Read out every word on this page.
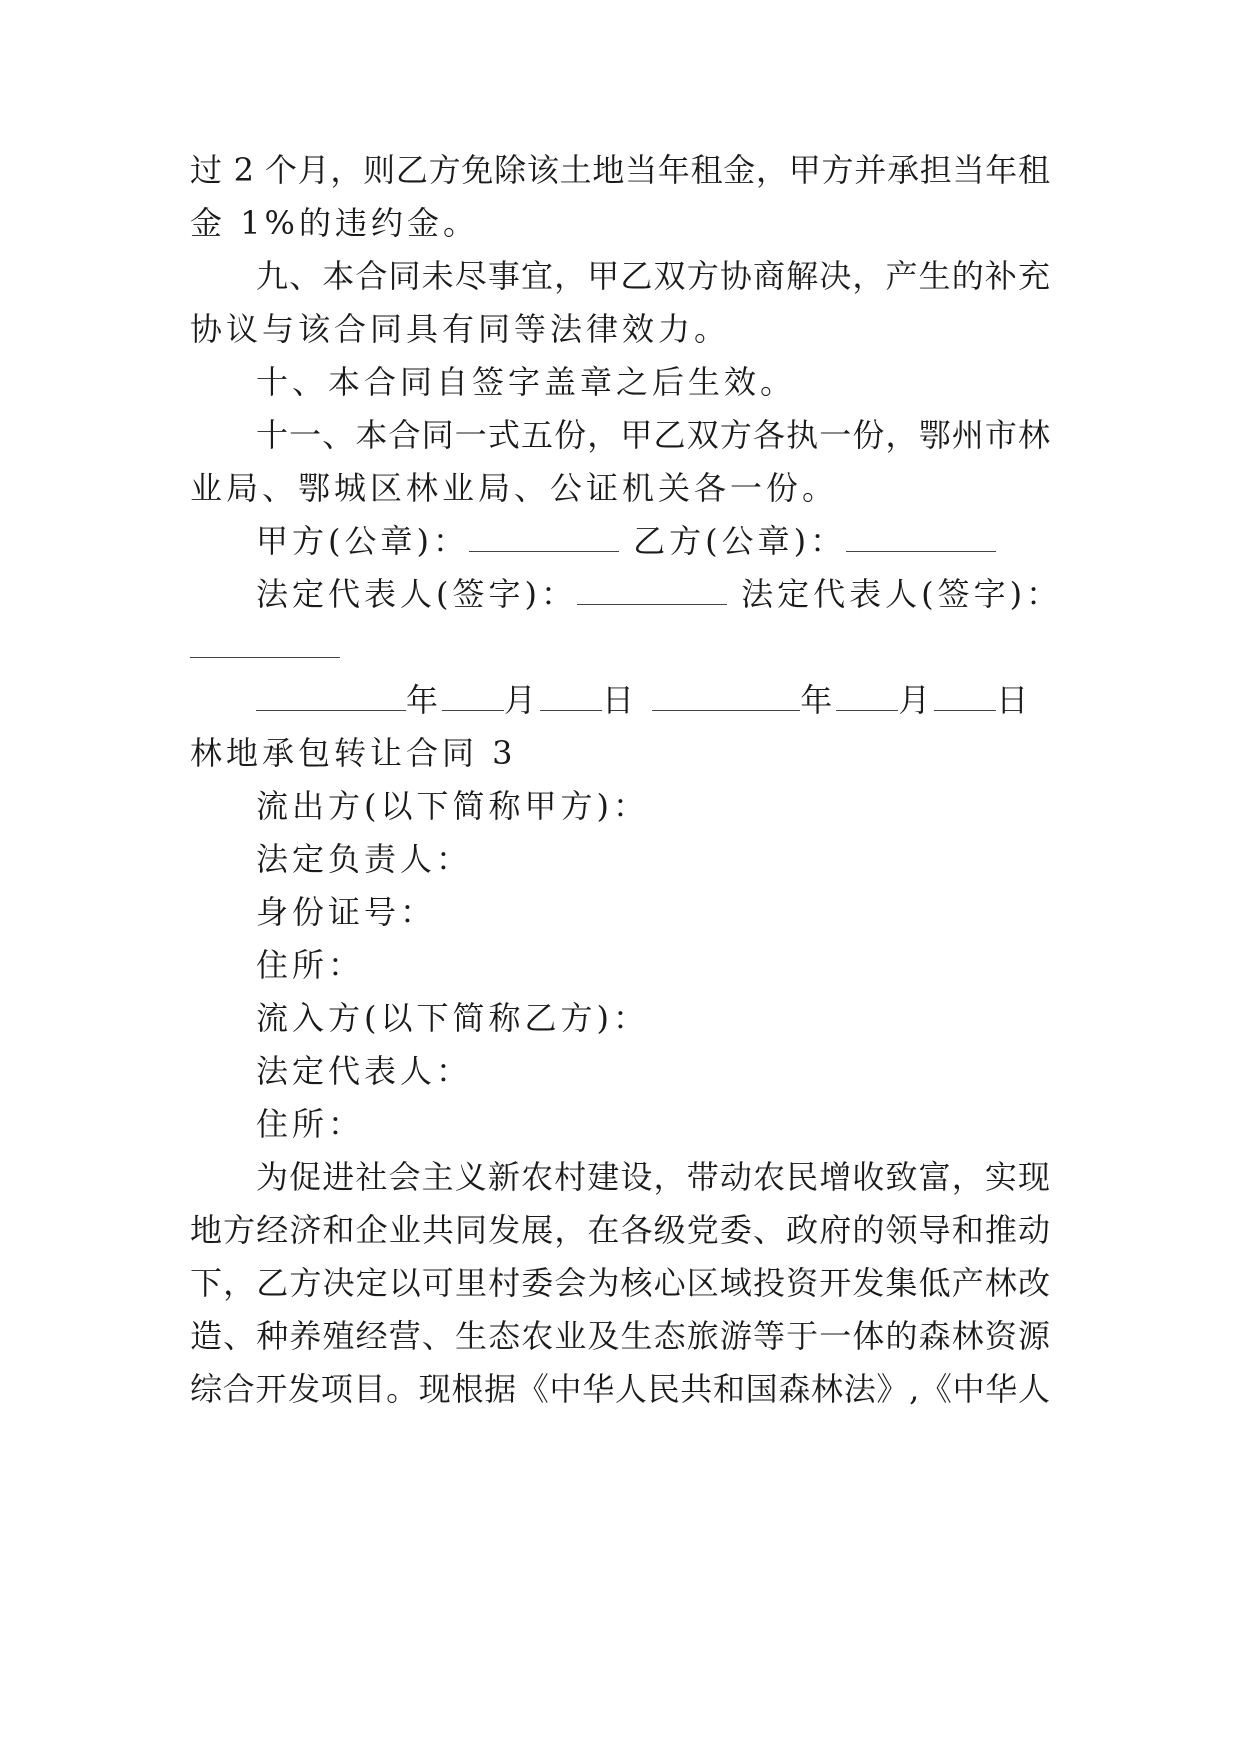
过 2 个月，则乙方免除该土地当年租金，甲方并承担当年租
金 1%的违约金。
九、本合同未尽事宜，甲乙双方协商解决，产生的补充
协议与该合同具有同等法律效力。
十、本合同自签字盖章之后生效。
十一、本合同一式五份，甲乙双方各执一份，鄂州市林
业局、鄂城区林业局、公证机关各一份。
甲方(公章)：	乙方(公章)：
法定代表人(签字)：	法定代表人(签字)：
年 月 日	年 月 日
林地承包转让合同 3
流出方(以下简称甲方)：
法定负责人：
身份证号：
住所：
流入方(以下简称乙方)：
法定代表人：
住所：
为促进社会主义新农村建设，带动农民增收致富，实现
地方经济和企业共同发展，在各级党委、政府的领导和推动
下，乙方决定以可里村委会为核心区域投资开发集低产林改
造、种养殖经营、生态农业及生态旅游等于一体的森林资源
综合开发项目。现根据《中华人民共和国森林法》,《中华人
